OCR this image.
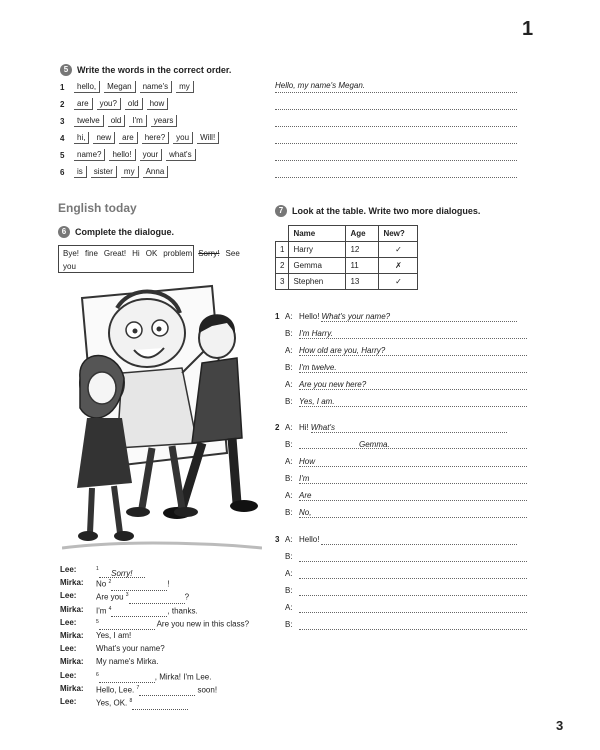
1
5 Write the words in the correct order.
1	hello,	Megan	name's	my
2	are	you?	old	how
3	twelve	old	I'm	years
4	hi,	new	are	here?	you	Will!
5	name?	hello!	your	what's
6	is	sister	my	Anna
English today
6 Complete the dialogue.
Bye! fine Great! Hi OK problem Sorry! See you
Lee:	$^1$ Sorry!
Mirka:	No $^2$	!
Lee:	Are you $^3$	?
Mirka:	I'm $^4$	, thanks.
Lee:	$^5$	Are you new in this class?
Mirka:	Yes, I am!
Lee:	What's your name?
Mirka:	My name's Mirka.
Lee:	$^6$	, Mirka! I'm Lee.
Mirka:	Hello, Lee. $^7$	soon!
Lee:	Yes, OK. $^8$
Hello, my name's Megan.
7 Look at the table. Write two more dialogues.
	Name	Age	New?
1	Harry	12	✓
2	Gemma	11	✗
3	Stephen	13	✓
1 A: Hello! What's your name?
B: I'm Harry.
A: How old are you, Harry?
B: I'm twelve.
A: Are you new here?
B: Yes, I am.
2 A: Hi! What's
B:	Gemma.
A: How
B: I'm
A: Are
B: No,
3 A: Hello!
B:
A:
B:
A:
B:
3
